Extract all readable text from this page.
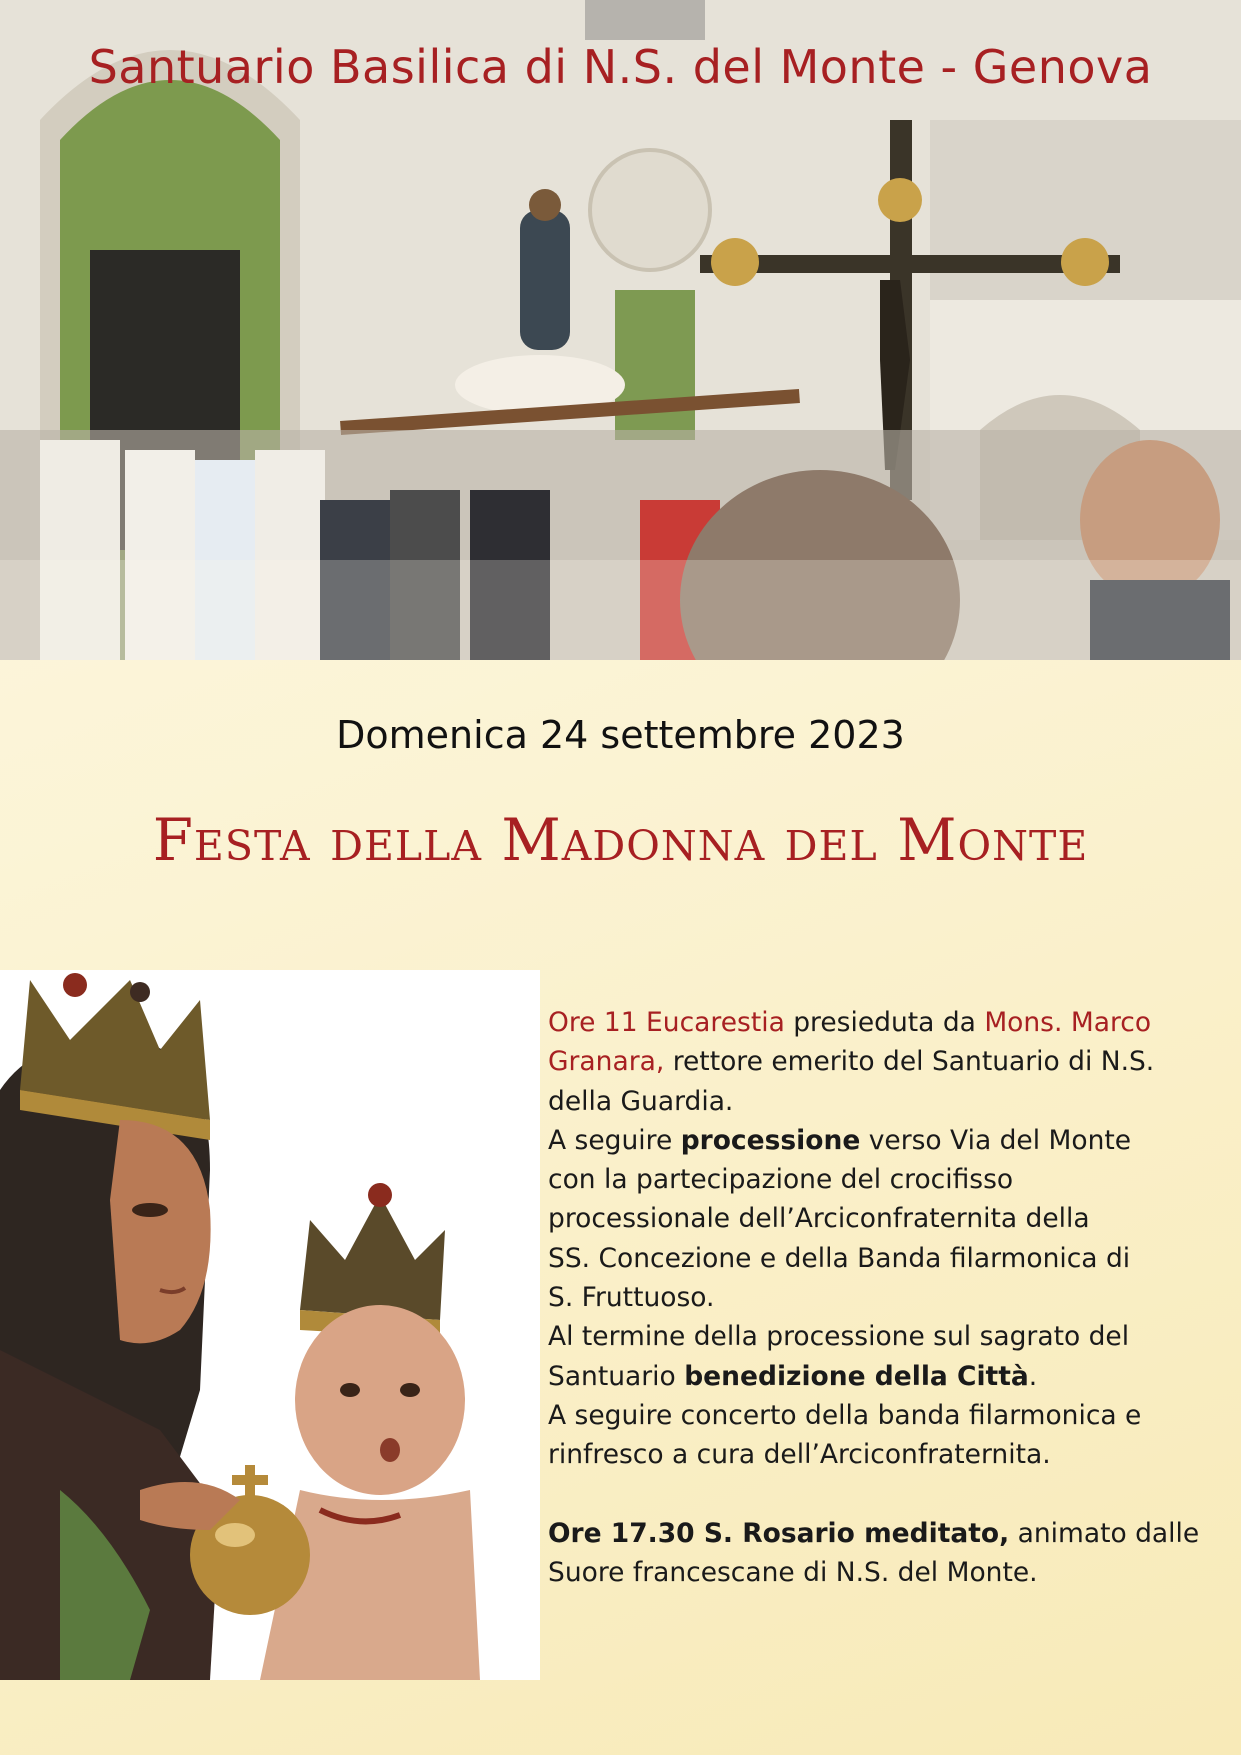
Santuario Basilica di N.S. del Monte - Genova
Domenica 24 settembre 2023
Festa della Madonna del Monte
Ore 11 Eucarestia presieduta da Mons. Marco
Granara, rettore emerito del Santuario di N.S.
della Guardia.
A seguire processione verso Via del Monte
con la partecipazione del crocifisso
processionale dell’Arciconfraternita della
SS. Concezione e della Banda filarmonica di
S. Fruttuoso.
Al termine della processione sul sagrato del
Santuario benedizione della Città.
A seguire concerto della banda filarmonica e
rinfresco a cura dell’Arciconfraternita.
Ore 17.30 S. Rosario meditato, animato dalle
Suore francescane di N.S. del Monte.
